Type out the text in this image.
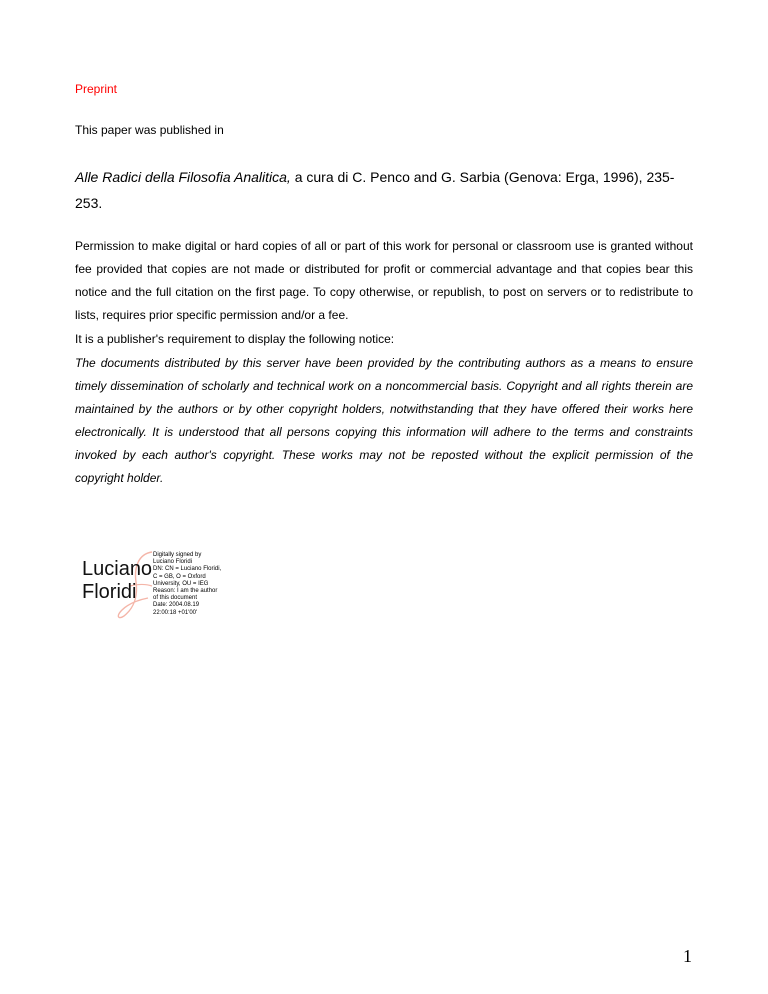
Preprint
This paper was published in
Alle Radici della Filosofia Analitica, a cura di C. Penco and G. Sarbia (Genova: Erga, 1996), 235-253.
Permission to make digital or hard copies of all or part of this work for personal or classroom use is granted without fee provided that copies are not made or distributed for profit or commercial advantage and that copies bear this notice and the full citation on the first page. To copy otherwise, or republish, to post on servers or to redistribute to lists, requires prior specific permission and/or a fee.
It is a publisher's requirement to display the following notice:
The documents distributed by this server have been provided by the contributing authors as a means to ensure timely dissemination of scholarly and technical work on a noncommercial basis. Copyright and all rights therein are maintained by the authors or by other copyright holders, notwithstanding that they have offered their works here electronically. It is understood that all persons copying this information will adhere to the terms and constraints invoked by each author's copyright. These works may not be reposted without the explicit permission of the copyright holder.
Luciano
Floridi
Digitally signed by
Luciano Floridi
DN: CN = Luciano Floridi,
C = GB, O = Oxford
University, OU = IEG
Reason: I am the author
of this document
Date: 2004.08.19
22:00:18 +01'00'
1
